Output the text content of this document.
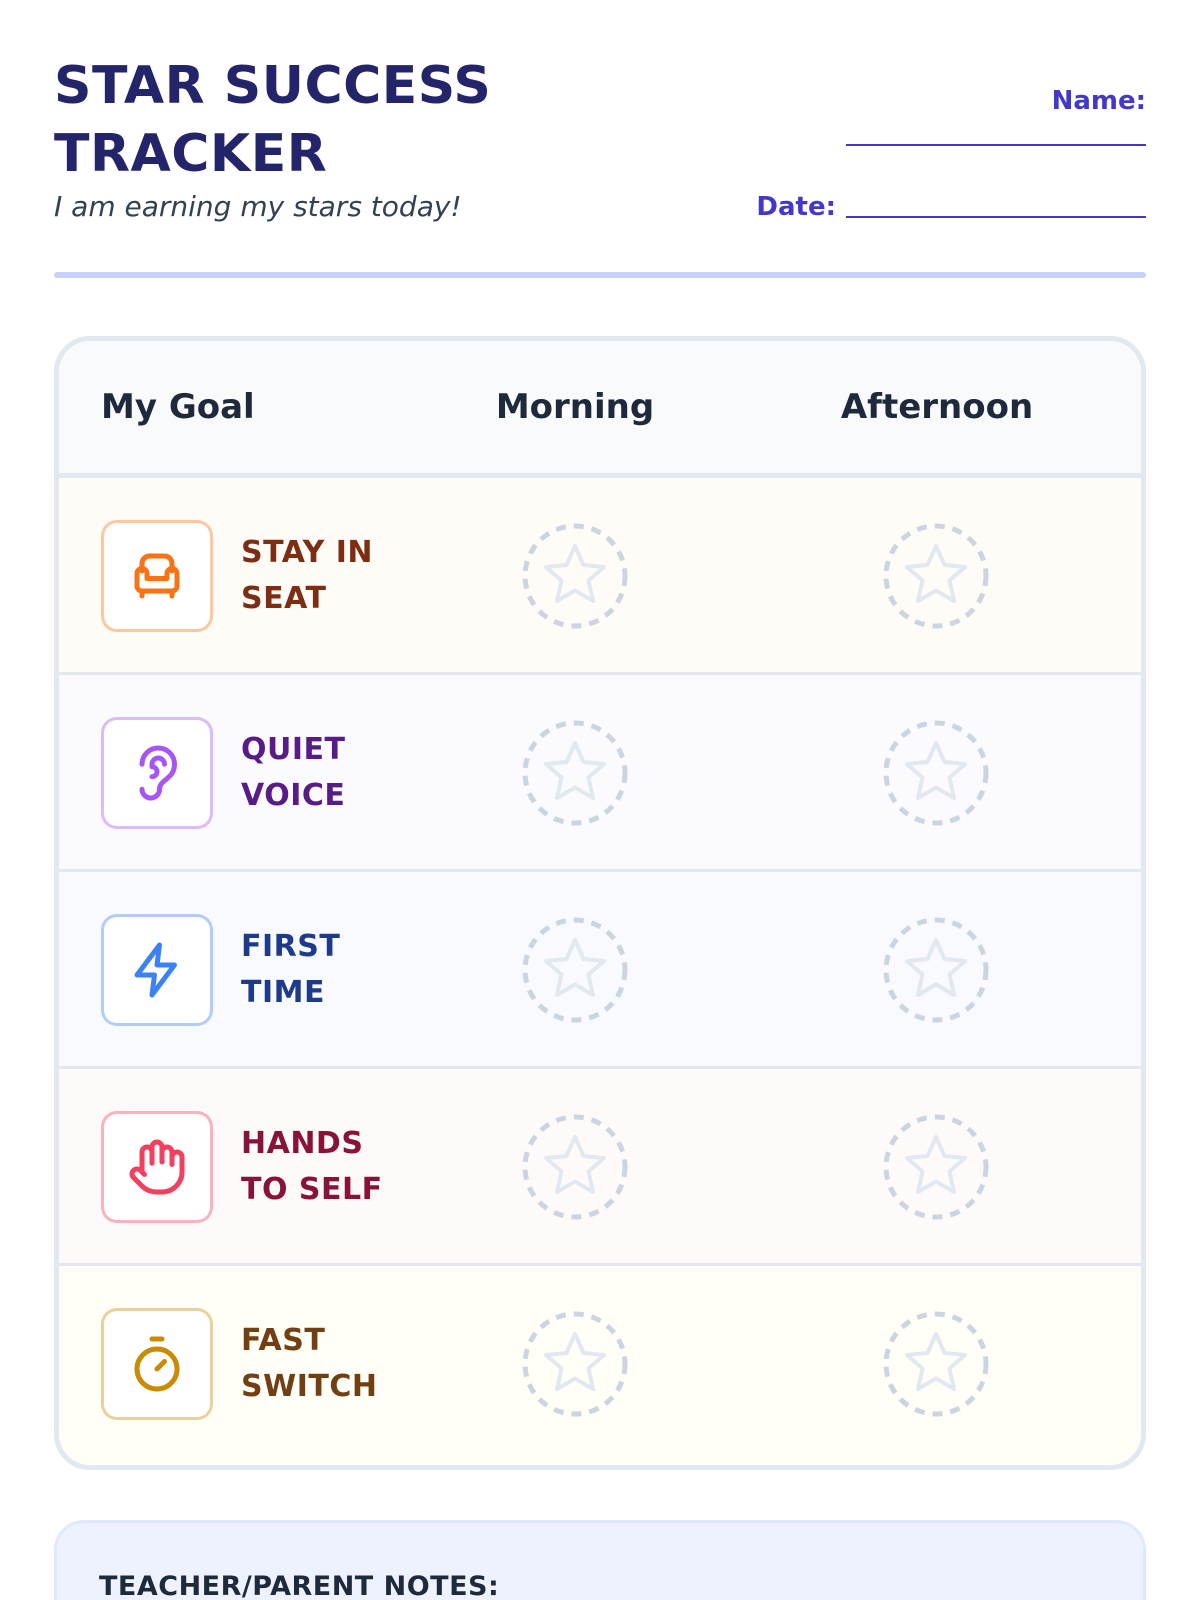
STAR SUCCESS TRACKER
I am earning my stars today!
Name:
Date:
My Goal	Morning	Afternoon
STAY IN
SEAT
QUIET
VOICE
FIRST
TIME
HANDS
TO SELF
FAST
SWITCH
TEACHER/PARENT NOTES:
